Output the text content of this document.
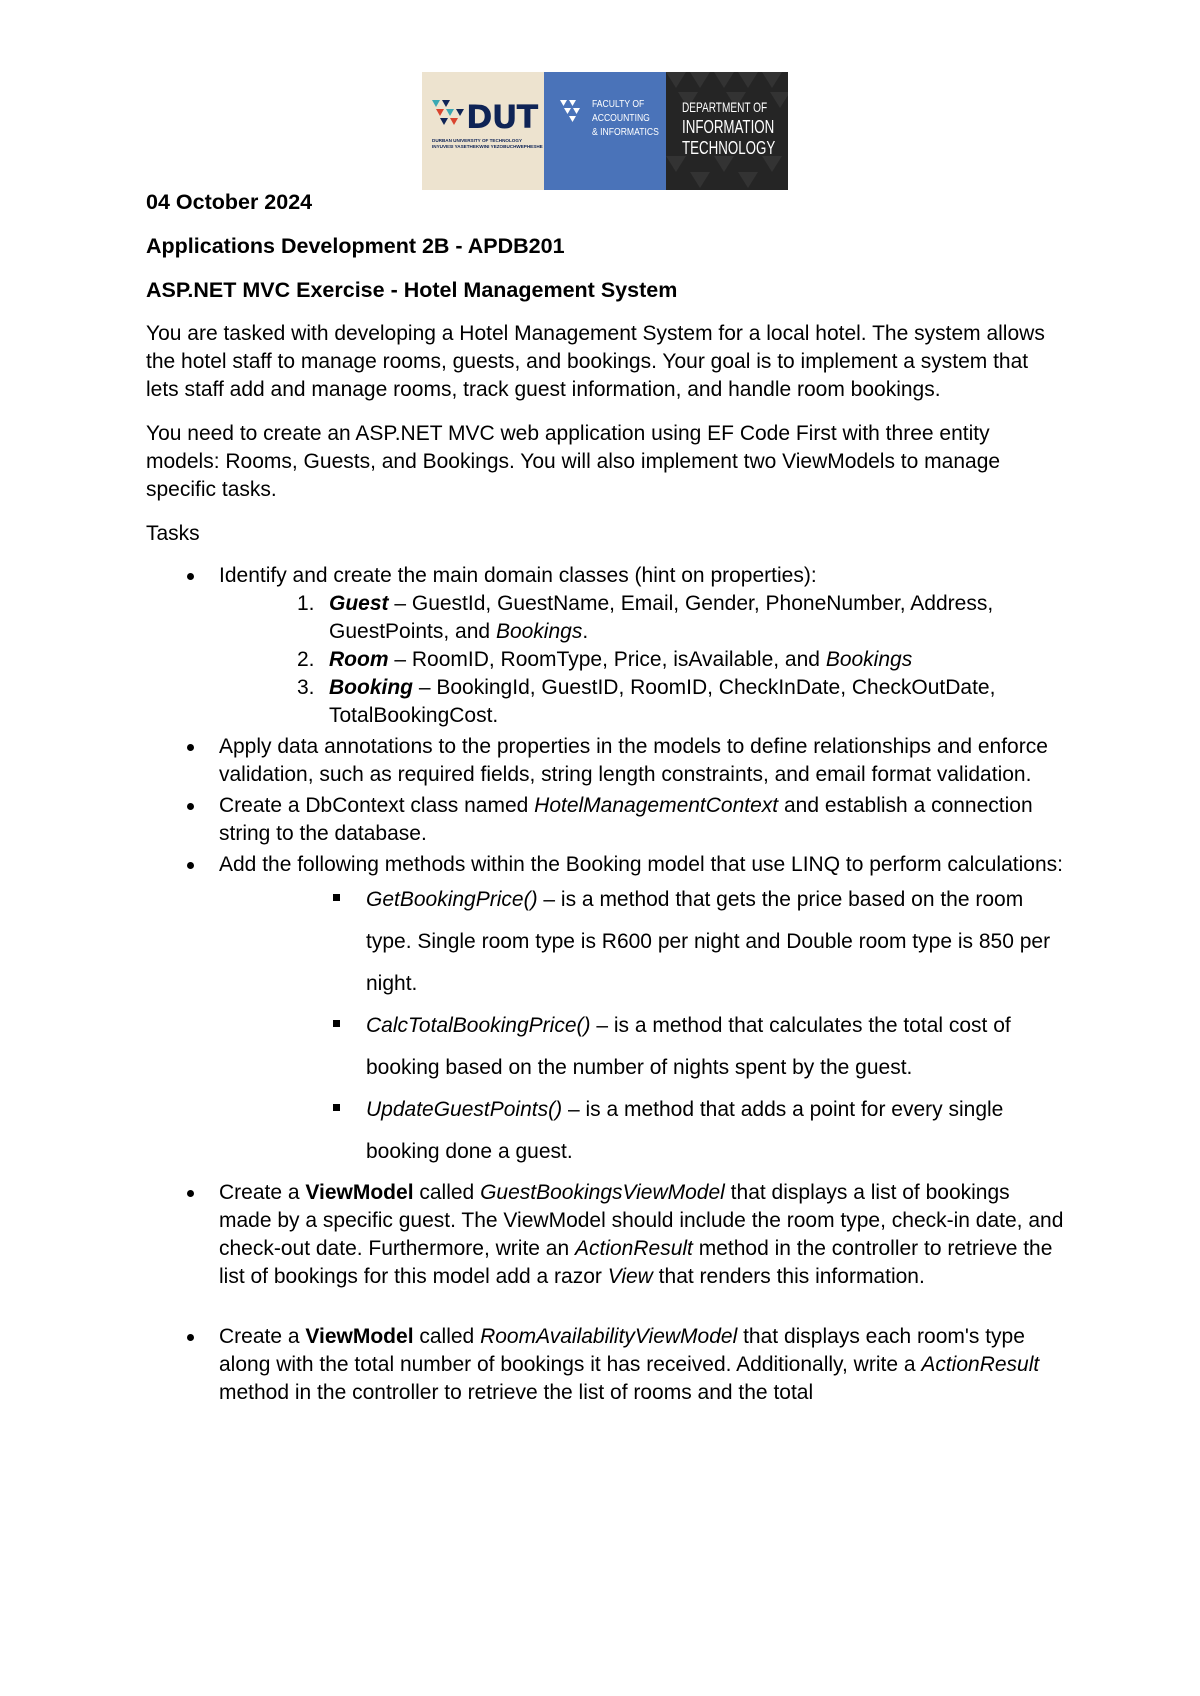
DUT
DURBAN UNIVERSITY OF TECHNOLOGY
INYUVESI YASETHEKWINI YEZOBUCHWEPHESHE
FACULTY OF
ACCOUNTING
& INFORMATICS
DEPARTMENT OF
INFORMATION
TECHNOLOGY
04 October 2024
Applications Development 2B - APDB201
ASP.NET MVC Exercise - Hotel Management System

You are tasked with developing a Hotel Management System for a local hotel. The system allows the hotel staff to manage rooms, guests, and bookings. Your goal is to implement a system that lets staff add and manage rooms, track guest information, and handle room bookings.

You need to create an ASP.NET MVC web application using EF Code First with three entity models: Rooms, Guests, and Bookings. You will also implement two ViewModels to manage specific tasks.

Tasks
Identify and create the main domain classes (hint on properties):
1. Guest – GuestId, GuestName, Email, Gender, PhoneNumber, Address, GuestPoints, and Bookings.
2. Room – RoomID, RoomType, Price, isAvailable, and Bookings
3. Booking – BookingId, GuestID, RoomID, CheckInDate, CheckOutDate, TotalBookingCost.
Apply data annotations to the properties in the models to define relationships and enforce validation, such as required fields, string length constraints, and email format validation.
Create a DbContext class named HotelManagementContext and establish a connection string to the database.
Add the following methods within the Booking model that use LINQ to perform calculations:
GetBookingPrice() – is a method that gets the price based on the room type. Single room type is R600 per night and Double room type is 850 per night.
CalcTotalBookingPrice() – is a method that calculates the total cost of booking based on the number of nights spent by the guest.
UpdateGuestPoints() – is a method that adds a point for every single booking done a guest.
Create a ViewModel called GuestBookingsViewModel that displays a list of bookings made by a specific guest. The ViewModel should include the room type, check-in date, and check-out date. Furthermore, write an ActionResult method in the controller to retrieve the list of bookings for this model add a razor View that renders this information.
Create a ViewModel called RoomAvailabilityViewModel that displays each room's type along with the total number of bookings it has received. Additionally, write a ActionResult method in the controller to retrieve the list of rooms and the total
